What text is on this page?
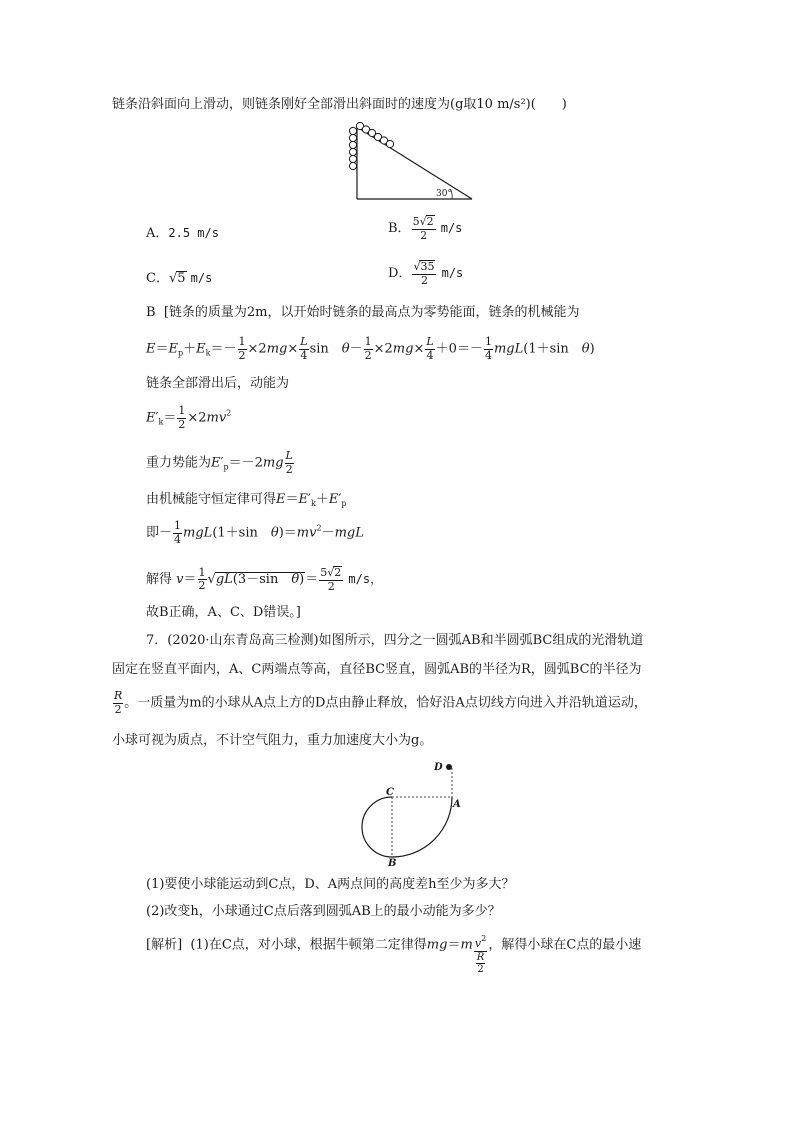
链条沿斜面向上滑动，则链条刚好全部滑出斜面时的速度为(g取10 m/s²)(　　)
30°
A．2.5 m/s	B． $\frac{5√2}{2} m/s$
C．√5 m/s	D． $\frac{√35}{2} m/s$
B [链条的质量为2m，以开始时链条的最高点为零势能面，链条的机械能为
$E=E_p+E_k=- \frac{1}{2} \times 2mg\times \frac{L}{4}$ sin　$\theta- \frac{1}{2} \times 2mg\times \frac{L}{4} +0=- \frac{1}{4} mgL(1+\sin$　θ)
链条全部滑出后，动能为
$E'_k= \frac{1}{2} \times 2mv^2$
重力势能为$E'_p=-2mg \frac{L}{2}$
由机械能守恒定律可得$E=E'_k+E'_p$
即－ $\frac{1}{4} mgL(1+\sin$　$\theta)=mv^2-mgL$
解得 $v= \frac{1}{2} √gL(3-\sin$　$\theta)= \frac{5√2}{2} m/s$，
故B正确，A、C、D错误。]
7．(2020·山东青岛高三检测)如图所示，四分之一圆弧AB和半圆弧BC组成的光滑轨道
固定在竖直平面内，A、C两端点等高，直径BC竖直，圆弧AB的半径为R，圆弧BC的半径为
$\frac{R}{2}$ 。一质量为m的小球从A点上方的D点由静止释放，恰好沿A点切线方向进入并沿轨道运动，
小球可视为质点，不计空气阻力，重力加速度大小为g。
D
C
A
B
(1)要使小球能运动到C点，D、A两点间的高度差h至少为多大？
(2)改变h，小球通过C点后落到圆弧AB上的最小动能为多少？
[解析] (1)在C点，对小球，根据牛顿第二定律得$mg=m \frac{v^2}{\frac{R}{2}}$ ，解得小球在C点的最小速
